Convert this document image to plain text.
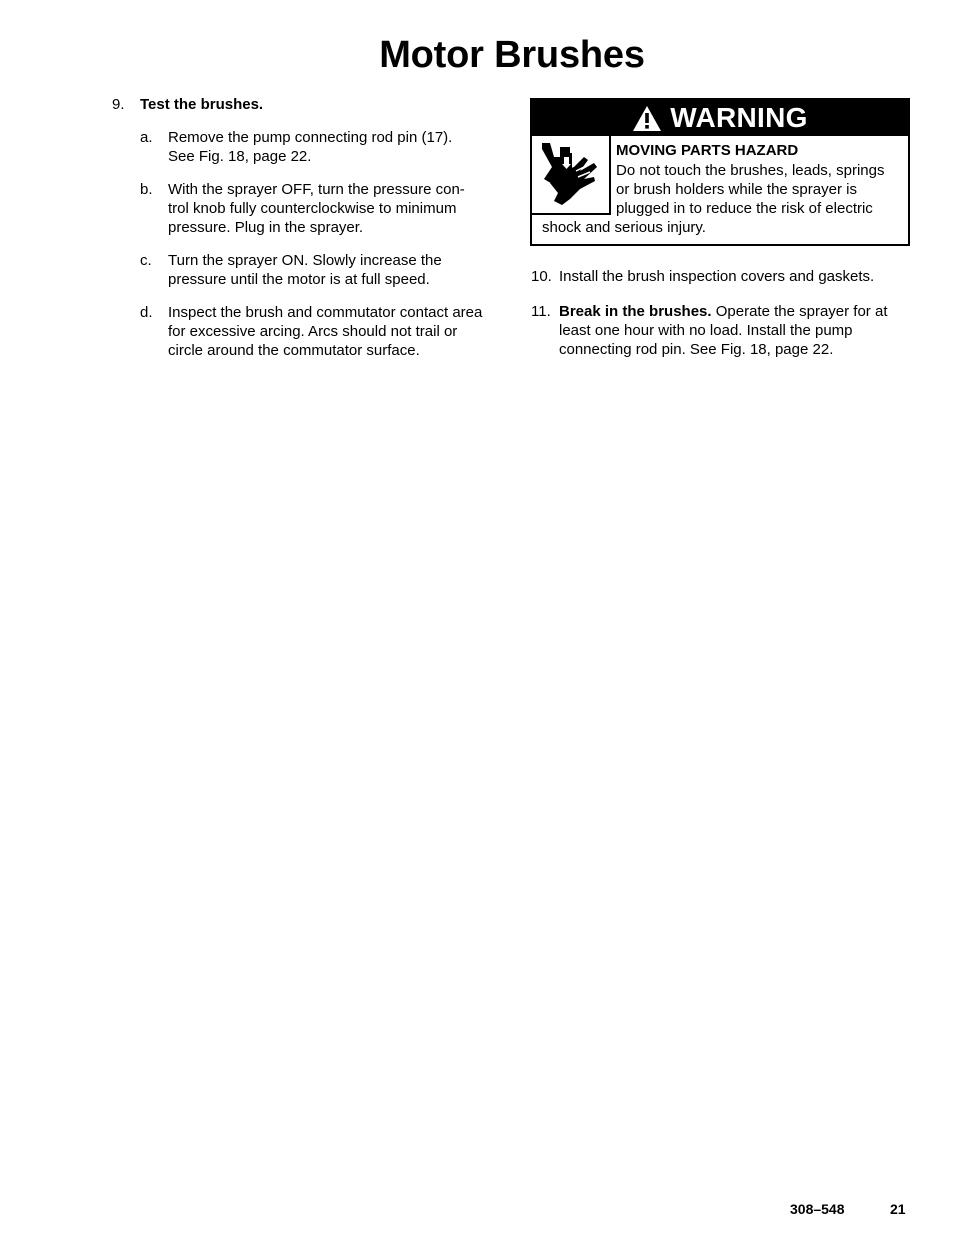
Motor Brushes
9. Test the brushes.
a. Remove the pump connecting rod pin (17).
See Fig. 18, page 22.
b. With the sprayer OFF, turn the pressure con-
trol knob fully counterclockwise to minimum
pressure. Plug in the sprayer.
c. Turn the sprayer ON. Slowly increase the
pressure until the motor is at full speed.
d. Inspect the brush and commutator contact area
for excessive arcing. Arcs should not trail or
circle around the commutator surface.
WARNING
MOVING PARTS HAZARD
Do not touch the brushes, leads, springs
or brush holders while the sprayer is
plugged in to reduce the risk of electric
shock and serious injury.
10. Install the brush inspection covers and gaskets.
11. Break in the brushes. Operate the sprayer for at
least one hour with no load. Install the pump
connecting rod pin. See Fig. 18, page 22.
308–548	21
